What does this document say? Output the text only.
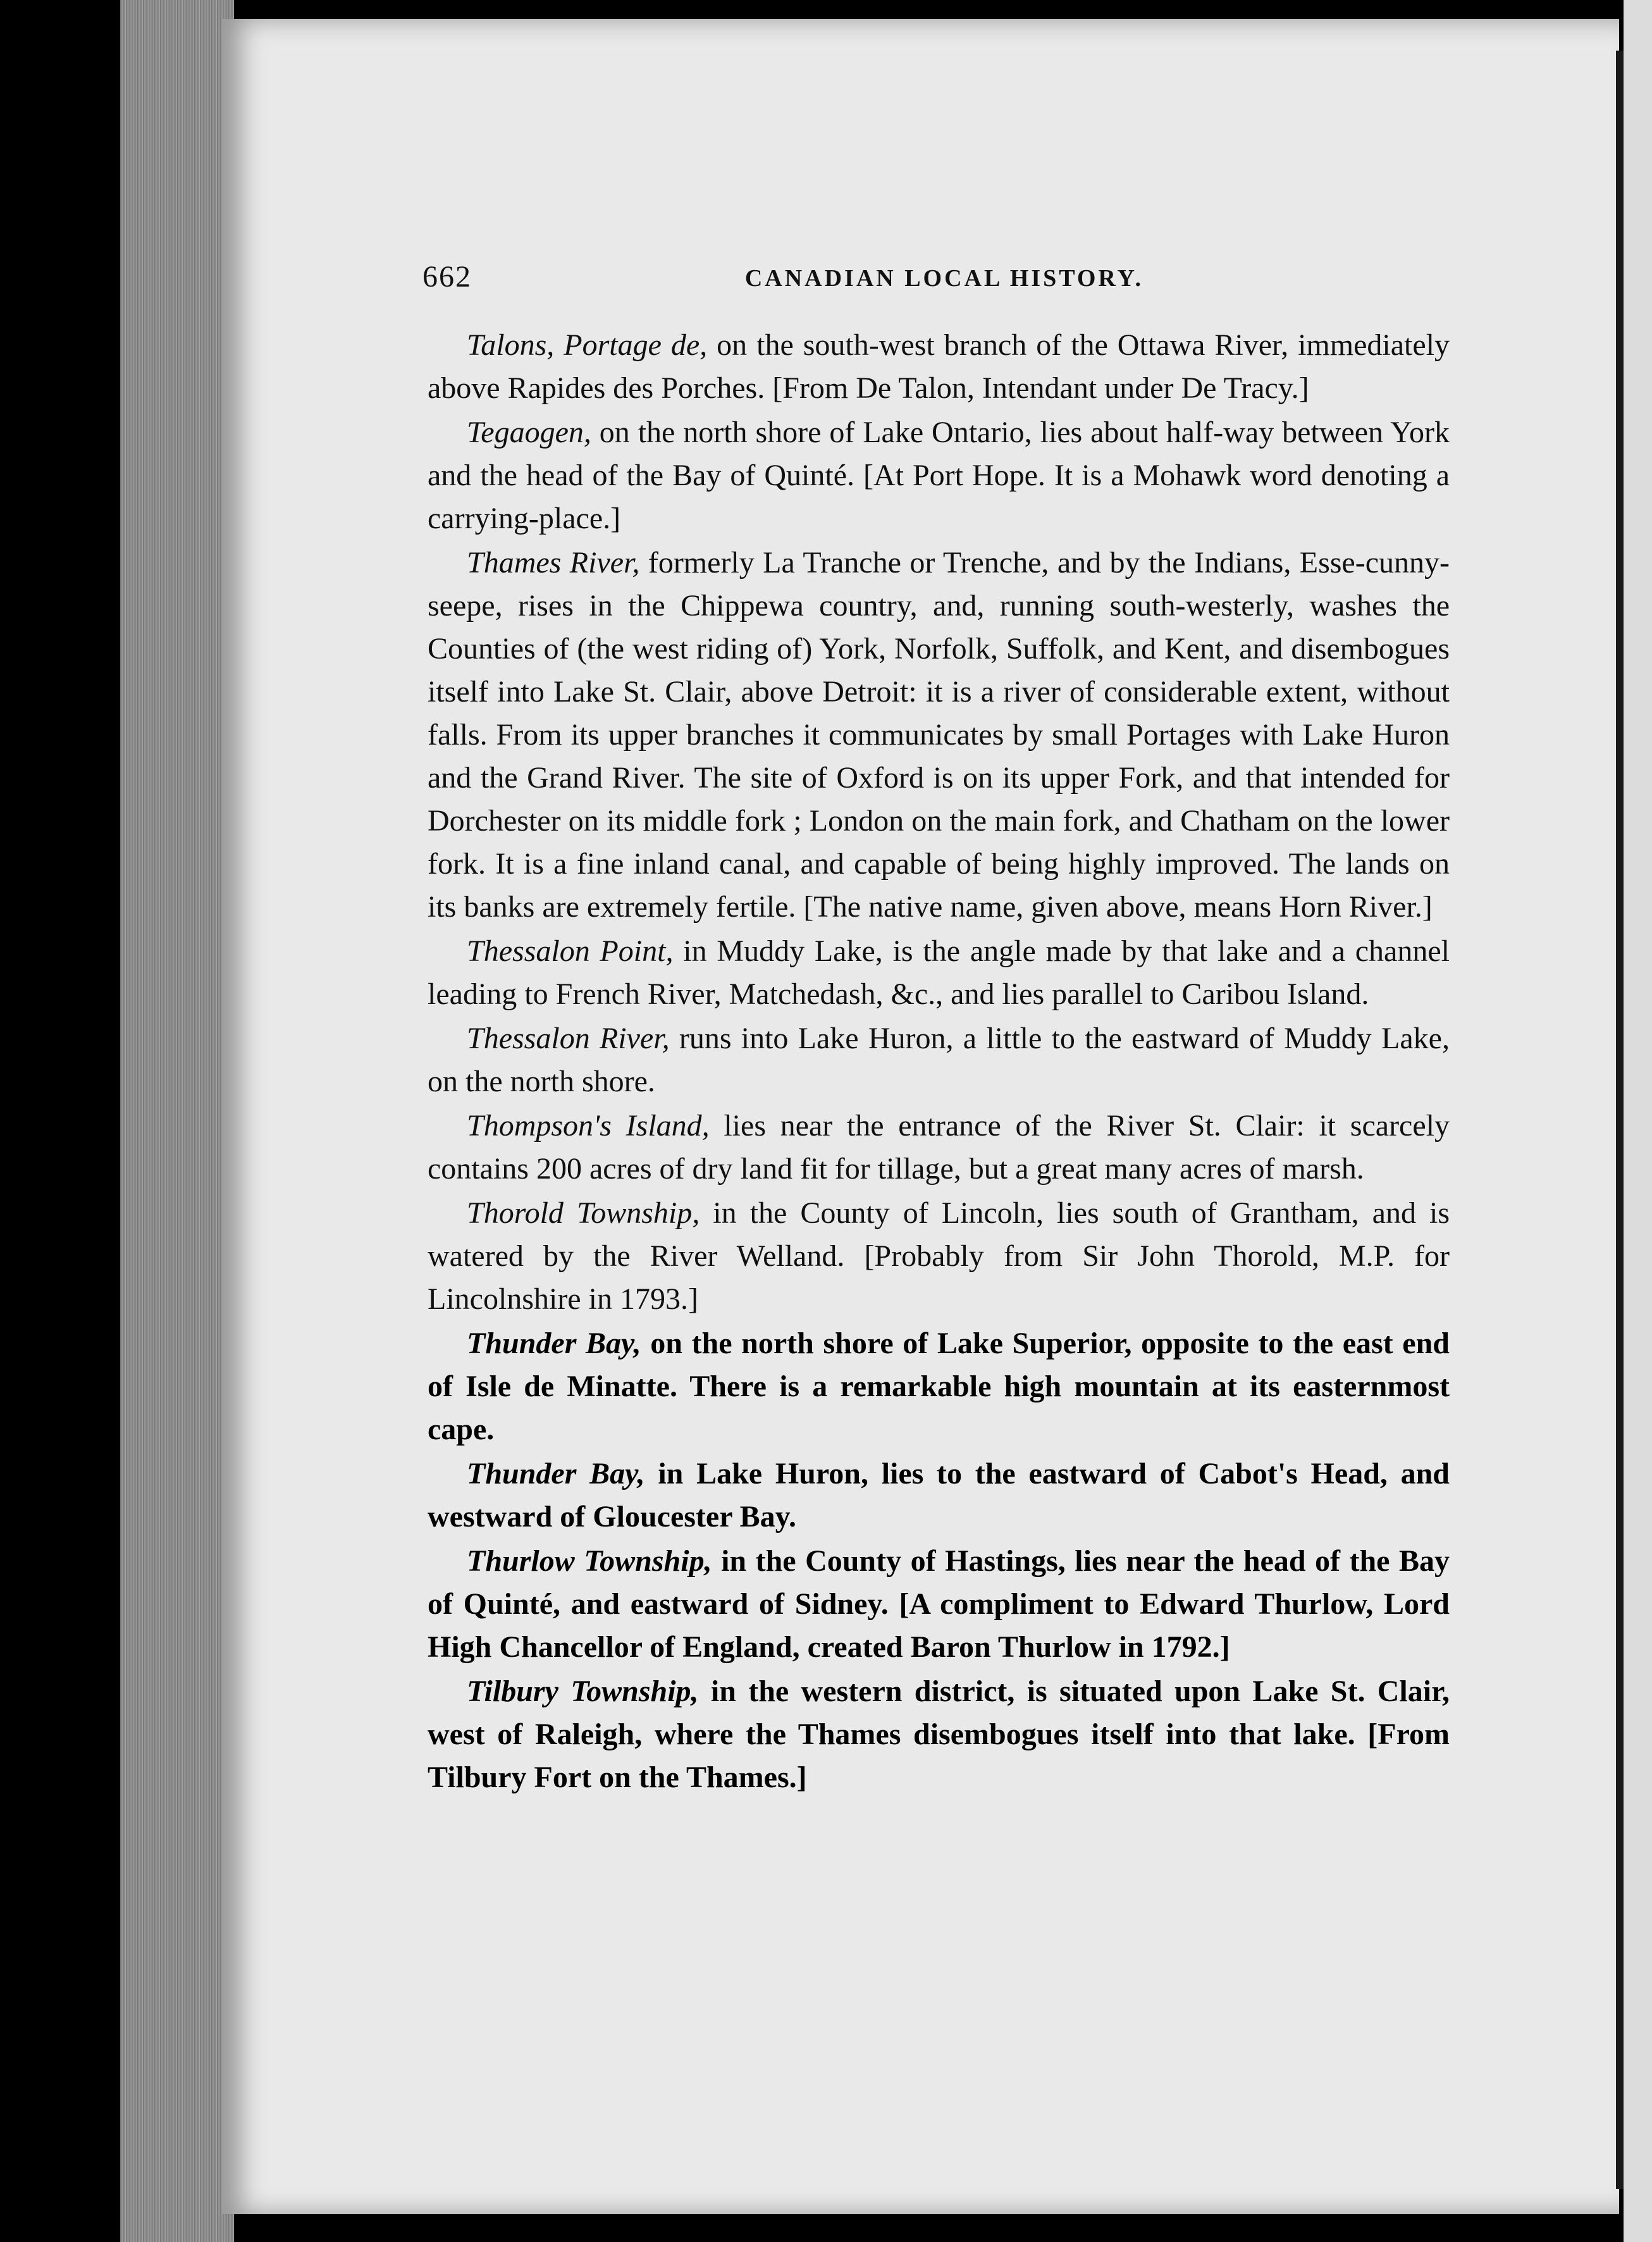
662	CANADIAN LOCAL HISTORY.

Talons, Portage de, on the south-west branch of the Ottawa River, immediately above Rapides des Porches. [From De Talon, Intendant under De Tracy.]

Tegaogen, on the north shore of Lake Ontario, lies about half-way between York and the head of the Bay of Quinté. [At Port Hope. It is a Mohawk word denoting a carrying-place.]

Thames River, formerly La Tranche or Trenche, and by the Indians, Esse-cunny-seepe, rises in the Chippewa country, and, running south-westerly, washes the Counties of (the west riding of) York, Norfolk, Suffolk, and Kent, and disembogues itself into Lake St. Clair, above Detroit: it is a river of considerable extent, without falls. From its upper branches it communicates by small Portages with Lake Huron and the Grand River. The site of Oxford is on its upper Fork, and that intended for Dorchester on its middle fork ; London on the main fork, and Chatham on the lower fork. It is a fine inland canal, and capable of being highly improved. The lands on its banks are extremely fertile. [The native name, given above, means Horn River.]

Thessalon Point, in Muddy Lake, is the angle made by that lake and a channel leading to French River, Matchedash, &c., and lies parallel to Caribou Island.

Thessalon River, runs into Lake Huron, a little to the eastward of Muddy Lake, on the north shore.

Thompson's Island, lies near the entrance of the River St. Clair: it scarcely contains 200 acres of dry land fit for tillage, but a great many acres of marsh.

Thorold Township, in the County of Lincoln, lies south of Grantham, and is watered by the River Welland. [Probably from Sir John Thorold, M.P. for Lincolnshire in 1793.]

Thunder Bay, on the north shore of Lake Superior, opposite to the east end of Isle de Minatte. There is a remarkable high mountain at its easternmost cape.

Thunder Bay, in Lake Huron, lies to the eastward of Cabot's Head, and westward of Gloucester Bay.

Thurlow Township, in the County of Hastings, lies near the head of the Bay of Quinté, and eastward of Sidney. [A compliment to Edward Thurlow, Lord High Chancellor of England, created Baron Thurlow in 1792.]

Tilbury Township, in the western district, is situated upon Lake St. Clair, west of Raleigh, where the Thames disembogues itself into that lake. [From Tilbury Fort on the Thames.]
